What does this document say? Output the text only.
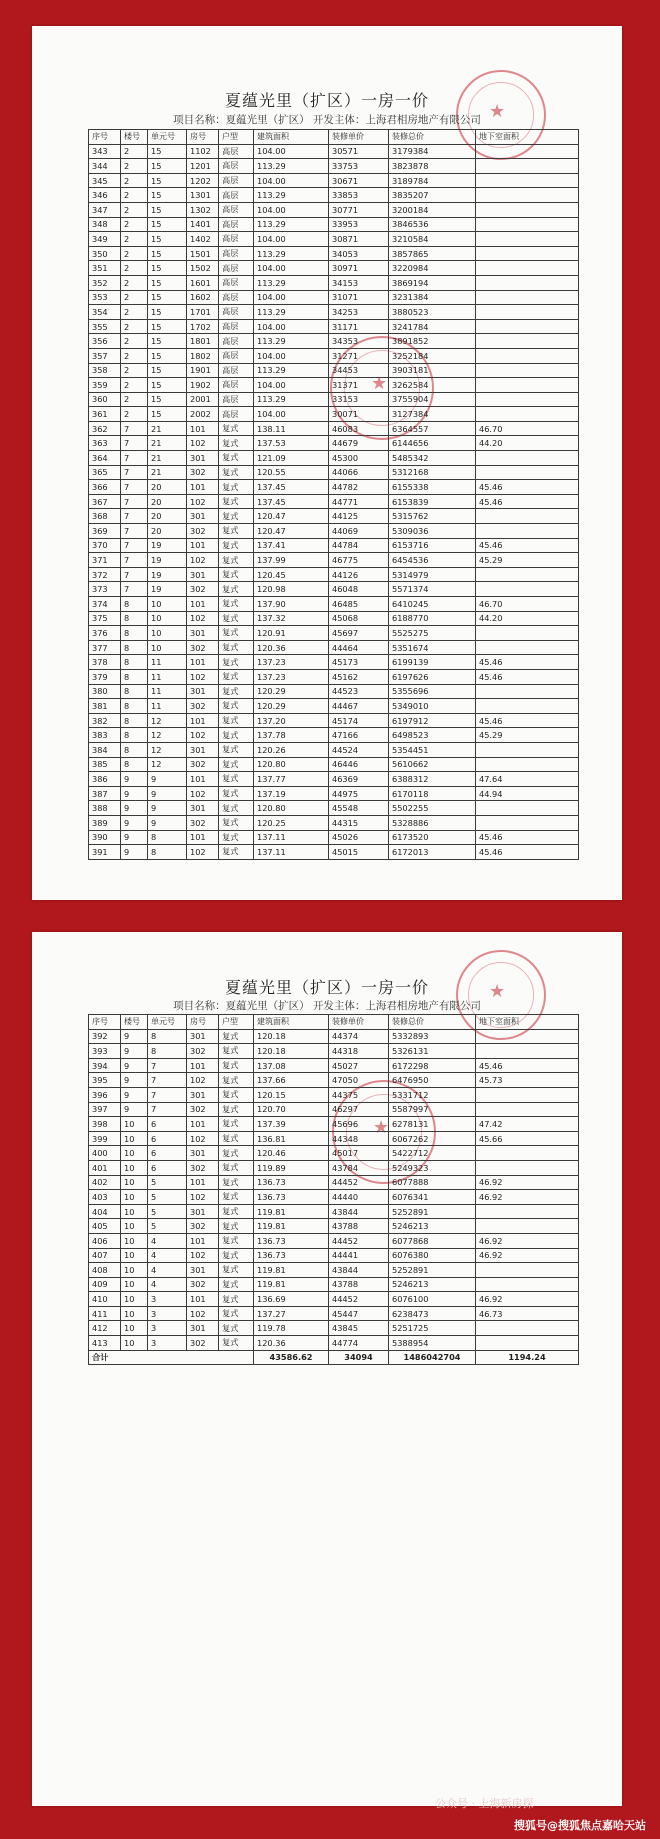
★
★
夏蕴光里（扩区）一房一价
项目名称：夏蕴光里（扩区） 开发主体：上海君相房地产有限公司
序号	楼号	单元号	房号	户型	建筑面积	装修单价	装修总价	地下室面积
343	2	15	1102	高层	104.00	30571	3179384	
344	2	15	1201	高层	113.29	33753	3823878	
345	2	15	1202	高层	104.00	30671	3189784	
346	2	15	1301	高层	113.29	33853	3835207	
347	2	15	1302	高层	104.00	30771	3200184	
348	2	15	1401	高层	113.29	33953	3846536	
349	2	15	1402	高层	104.00	30871	3210584	
350	2	15	1501	高层	113.29	34053	3857865	
351	2	15	1502	高层	104.00	30971	3220984	
352	2	15	1601	高层	113.29	34153	3869194	
353	2	15	1602	高层	104.00	31071	3231384	
354	2	15	1701	高层	113.29	34253	3880523	
355	2	15	1702	高层	104.00	31171	3241784	
356	2	15	1801	高层	113.29	34353	3891852	
357	2	15	1802	高层	104.00	31271	3252184	
358	2	15	1901	高层	113.29	34453	3903181	
359	2	15	1902	高层	104.00	31371	3262584	
360	2	15	2001	高层	113.29	33153	3755904	
361	2	15	2002	高层	104.00	30071	3127384	
362	7	21	101	复式	138.11	46083	6364557	46.70
363	7	21	102	复式	137.53	44679	6144656	44.20
364	7	21	301	复式	121.09	45300	5485342	
365	7	21	302	复式	120.55	44066	5312168	
366	7	20	101	复式	137.45	44782	6155338	45.46
367	7	20	102	复式	137.45	44771	6153839	45.46
368	7	20	301	复式	120.47	44125	5315762	
369	7	20	302	复式	120.47	44069	5309036	
370	7	19	101	复式	137.41	44784	6153716	45.46
371	7	19	102	复式	137.99	46775	6454536	45.29
372	7	19	301	复式	120.45	44126	5314979	
373	7	19	302	复式	120.98	46048	5571374	
374	8	10	101	复式	137.90	46485	6410245	46.70
375	8	10	102	复式	137.32	45068	6188770	44.20
376	8	10	301	复式	120.91	45697	5525275	
377	8	10	302	复式	120.36	44464	5351674	
378	8	11	101	复式	137.23	45173	6199139	45.46
379	8	11	102	复式	137.23	45162	6197626	45.46
380	8	11	301	复式	120.29	44523	5355696	
381	8	11	302	复式	120.29	44467	5349010	
382	8	12	101	复式	137.20	45174	6197912	45.46
383	8	12	102	复式	137.78	47166	6498523	45.29
384	8	12	301	复式	120.26	44524	5354451	
385	8	12	302	复式	120.80	46446	5610662	
386	9	9	101	复式	137.77	46369	6388312	47.64
387	9	9	102	复式	137.19	44975	6170118	44.94
388	9	9	301	复式	120.80	45548	5502255	
389	9	9	302	复式	120.25	44315	5328886	
390	9	8	101	复式	137.11	45026	6173520	45.46
391	9	8	102	复式	137.11	45015	6172013	45.46
★
★
夏蕴光里（扩区）一房一价
项目名称：夏蕴光里（扩区） 开发主体：上海君相房地产有限公司
序号	楼号	单元号	房号	户型	建筑面积	装修单价	装修总价	地下室面积
392	9	8	301	复式	120.18	44374	5332893	
393	9	8	302	复式	120.18	44318	5326131	
394	9	7	101	复式	137.08	45027	6172298	45.46
395	9	7	102	复式	137.66	47050	6476950	45.73
396	9	7	301	复式	120.15	44375	5331712	
397	9	7	302	复式	120.70	46297	5587997	
398	10	6	101	复式	137.39	45696	6278131	47.42
399	10	6	102	复式	136.81	44348	6067262	45.66
400	10	6	301	复式	120.46	45017	5422712	
401	10	6	302	复式	119.89	43784	5249323	
402	10	5	101	复式	136.73	44452	6077888	46.92
403	10	5	102	复式	136.73	44440	6076341	46.92
404	10	5	301	复式	119.81	43844	5252891	
405	10	5	302	复式	119.81	43788	5246213	
406	10	4	101	复式	136.73	44452	6077868	46.92
407	10	4	102	复式	136.73	44441	6076380	46.92
408	10	4	301	复式	119.81	43844	5252891	
409	10	4	302	复式	119.81	43788	5246213	
410	10	3	101	复式	136.69	44452	6076100	46.92
411	10	3	102	复式	137.27	45447	6238473	46.73
412	10	3	301	复式	119.78	43845	5251725	
413	10	3	302	复式	120.36	44774	5388954	
合计					43586.62	34094	1486042704	1194.24
公众号 · 上海新房探
搜狐号@搜狐焦点嘉哈天站
